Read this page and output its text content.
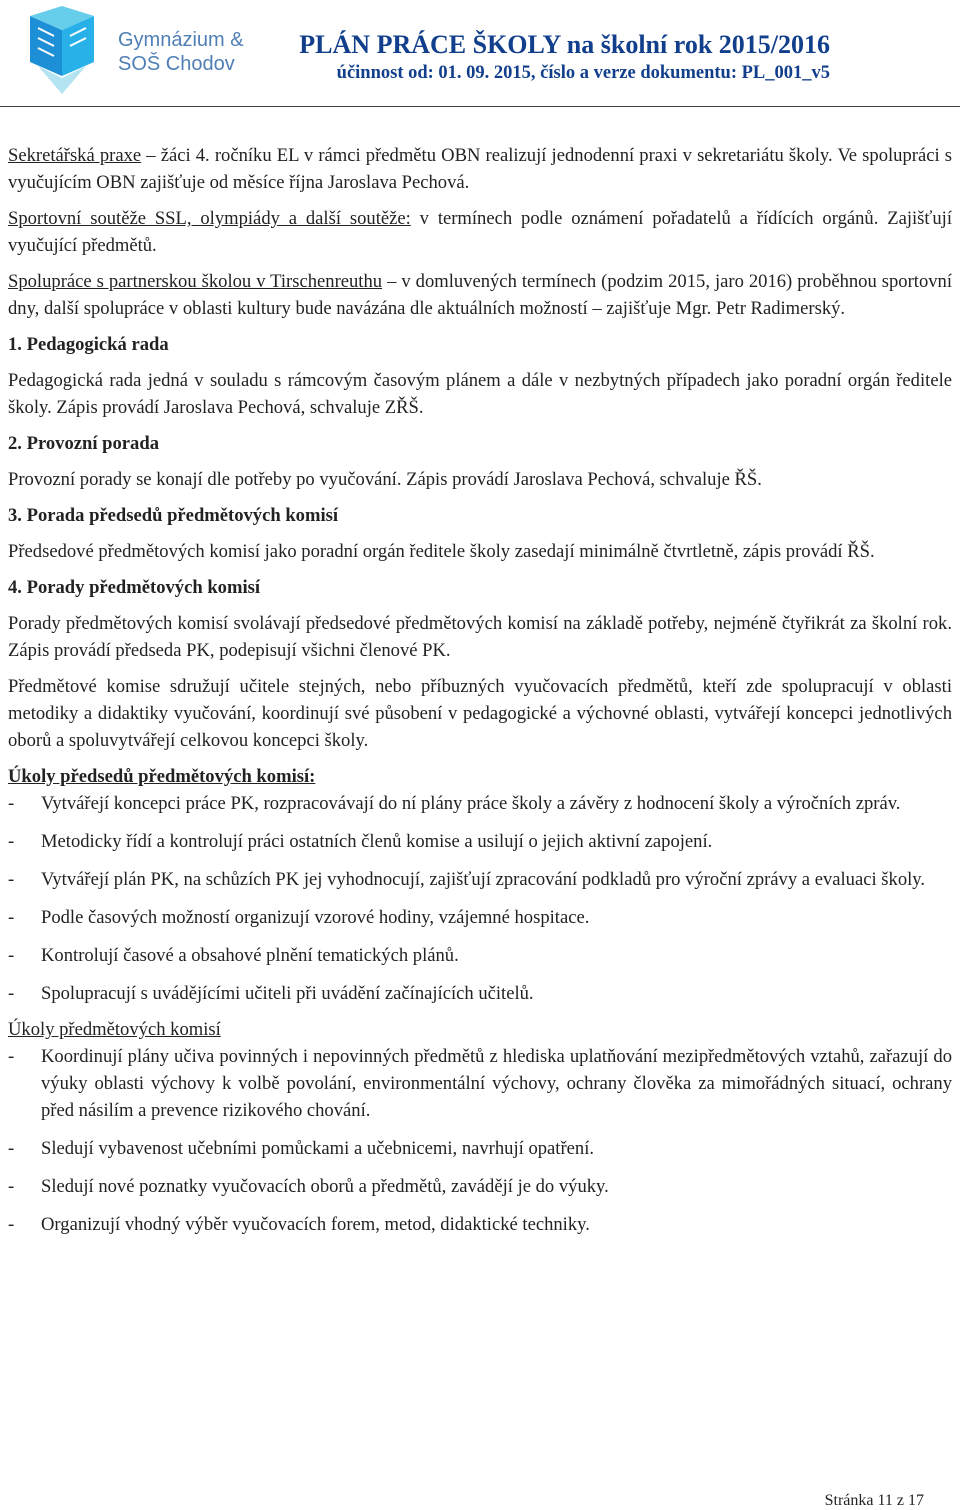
Gymnázium &
SOŠ Chodov
PLÁN PRÁCE ŠKOLY na školní rok 2015/2016
účinnost od: 01. 09. 2015, číslo a verze dokumentu: PL_001_v5

Sekretářská praxe – žáci 4. ročníku EL v rámci předmětu OBN realizují jednodenní praxi v sekretariátu školy. Ve spolupráci s vyučujícím OBN zajišťuje od měsíce října Jaroslava Pechová.

Sportovní soutěže SSL, olympiády a další soutěže: v termínech podle oznámení pořadatelů a řídících orgánů. Zajišťují vyučující předmětů.

Spolupráce s partnerskou školou v Tirschenreuthu – v domluvených termínech (podzim 2015, jaro 2016) proběhnou sportovní dny, další spolupráce v oblasti kultury bude navázána dle aktuálních možností – zajišťuje Mgr. Petr Radimerský.

1. Pedagogická rada

Pedagogická rada jedná v souladu s rámcovým časovým plánem a dále v nezbytných případech jako poradní orgán ředitele školy. Zápis provádí Jaroslava Pechová, schvaluje ZŘŠ.

2. Provozní porada

Provozní porady se konají dle potřeby po vyučování. Zápis provádí Jaroslava Pechová, schvaluje ŘŠ.

3. Porada předsedů předmětových komisí

Předsedové předmětových komisí jako poradní orgán ředitele školy zasedají minimálně čtvrtletně, zápis provádí ŘŠ.

4. Porady předmětových komisí

Porady předmětových komisí svolávají předsedové předmětových komisí na základě potřeby, nejméně čtyřikrát za školní rok. Zápis provádí předseda PK, podepisují všichni členové PK.

Předmětové komise sdružují učitele stejných, nebo příbuzných vyučovacích předmětů, kteří zde spolupracují v oblasti metodiky a didaktiky vyučování, koordinují své působení v pedagogické a výchovné oblasti, vytvářejí koncepci jednotlivých oborů a spoluvytvářejí celkovou koncepci školy.

Úkoly předsedů předmětových komisí:

- Vytvářejí koncepci práce PK, rozpracovávají do ní plány práce školy a závěry z hodnocení školy a výročních zpráv.
- Metodicky řídí a kontrolují práci ostatních členů komise a usilují o jejich aktivní zapojení.
- Vytvářejí plán PK, na schůzích PK jej vyhodnocují, zajišťují zpracování podkladů pro výroční zprávy a evaluaci školy.
- Podle časových možností organizují vzorové hodiny, vzájemné hospitace.
- Kontrolují časové a obsahové plnění tematických plánů.
- Spolupracují s uvádějícími učiteli při uvádění začínajících učitelů.

Úkoly předmětových komisí

- Koordinují plány učiva povinných i nepovinných předmětů z hlediska uplatňování mezipředmětových vztahů, zařazují do výuky oblasti výchovy k volbě povolání, environmentální výchovy, ochrany člověka za mimořádných situací, ochrany před násilím a prevence rizikového chování.
- Sledují vybavenost učebními pomůckami a učebnicemi, navrhují opatření.
- Sledují nové poznatky vyučovacích oborů a předmětů, zavádějí je do výuky.
- Organizují vhodný výběr vyučovacích forem, metod, didaktické techniky.
Stránka 11 z 17
